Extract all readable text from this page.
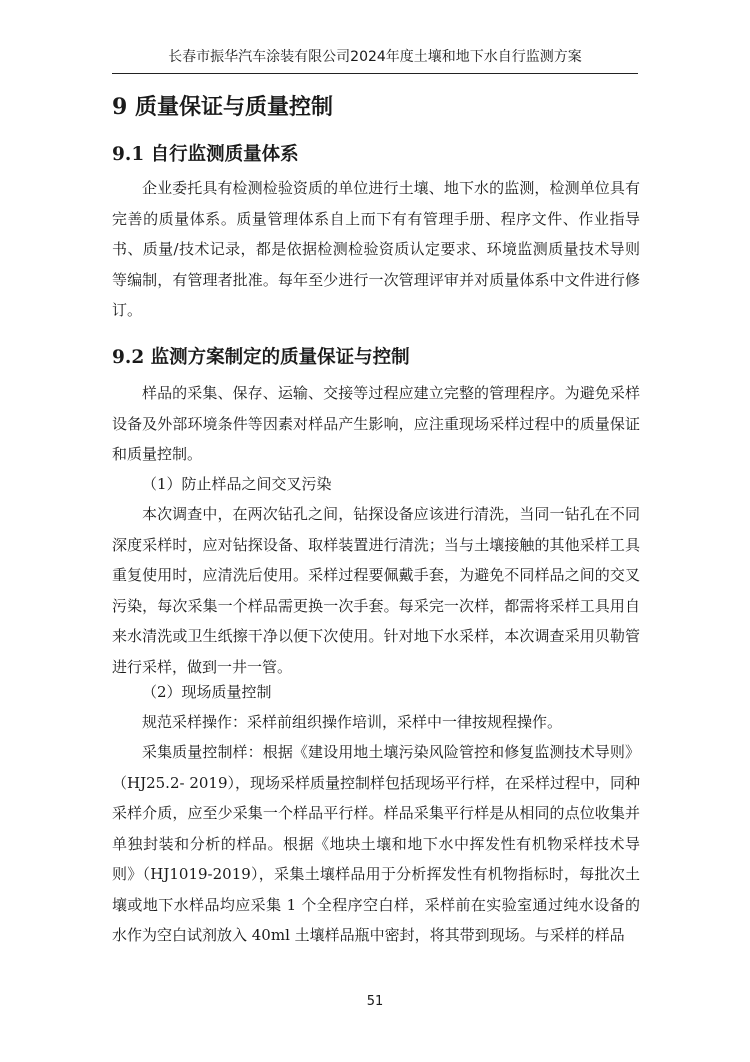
长春市振华汽车涂装有限公司2024年度土壤和地下水自行监测方案
9 质量保证与质量控制
9.1 自行监测质量体系
企业委托具有检测检验资质的单位进行土壤、地下水的监测，检测单位具有完善的质量体系。质量管理体系自上而下有有管理手册、程序文件、作业指导书、质量/技术记录，都是依据检测检验资质认定要求、环境监测质量技术导则等编制，有管理者批准。每年至少进行一次管理评审并对质量体系中文件进行修订。
9.2 监测方案制定的质量保证与控制
样品的采集、保存、运输、交接等过程应建立完整的管理程序。为避免采样设备及外部环境条件等因素对样品产生影响，应注重现场采样过程中的质量保证和质量控制。
（1）防止样品之间交叉污染
本次调查中，在两次钻孔之间，钻探设备应该进行清洗，当同一钻孔在不同深度采样时，应对钻探设备、取样装置进行清洗；当与土壤接触的其他采样工具重复使用时，应清洗后使用。采样过程要佩戴手套，为避免不同样品之间的交叉污染，每次采集一个样品需更换一次手套。每采完一次样，都需将采样工具用自来水清洗或卫生纸擦干净以便下次使用。针对地下水采样，本次调查采用贝勒管进行采样，做到一井一管。
（2）现场质量控制
规范采样操作：采样前组织操作培训，采样中一律按规程操作。
采集质量控制样：根据《建设用地土壤污染风险管控和修复监测技术导则》（HJ25.2- 2019），现场采样质量控制样包括现场平行样，在采样过程中，同种采样介质，应至少采集一个样品平行样。样品采集平行样是从相同的点位收集并单独封装和分析的样品。根据《地块土壤和地下水中挥发性有机物采样技术导则》（HJ1019-2019），采集土壤样品用于分析挥发性有机物指标时，每批次土壤或地下水样品均应采集 1 个全程序空白样，采样前在实验室通过纯水设备的水作为空白试剂放入 40ml 土壤样品瓶中密封，将其带到现场。与采样的样品
51
